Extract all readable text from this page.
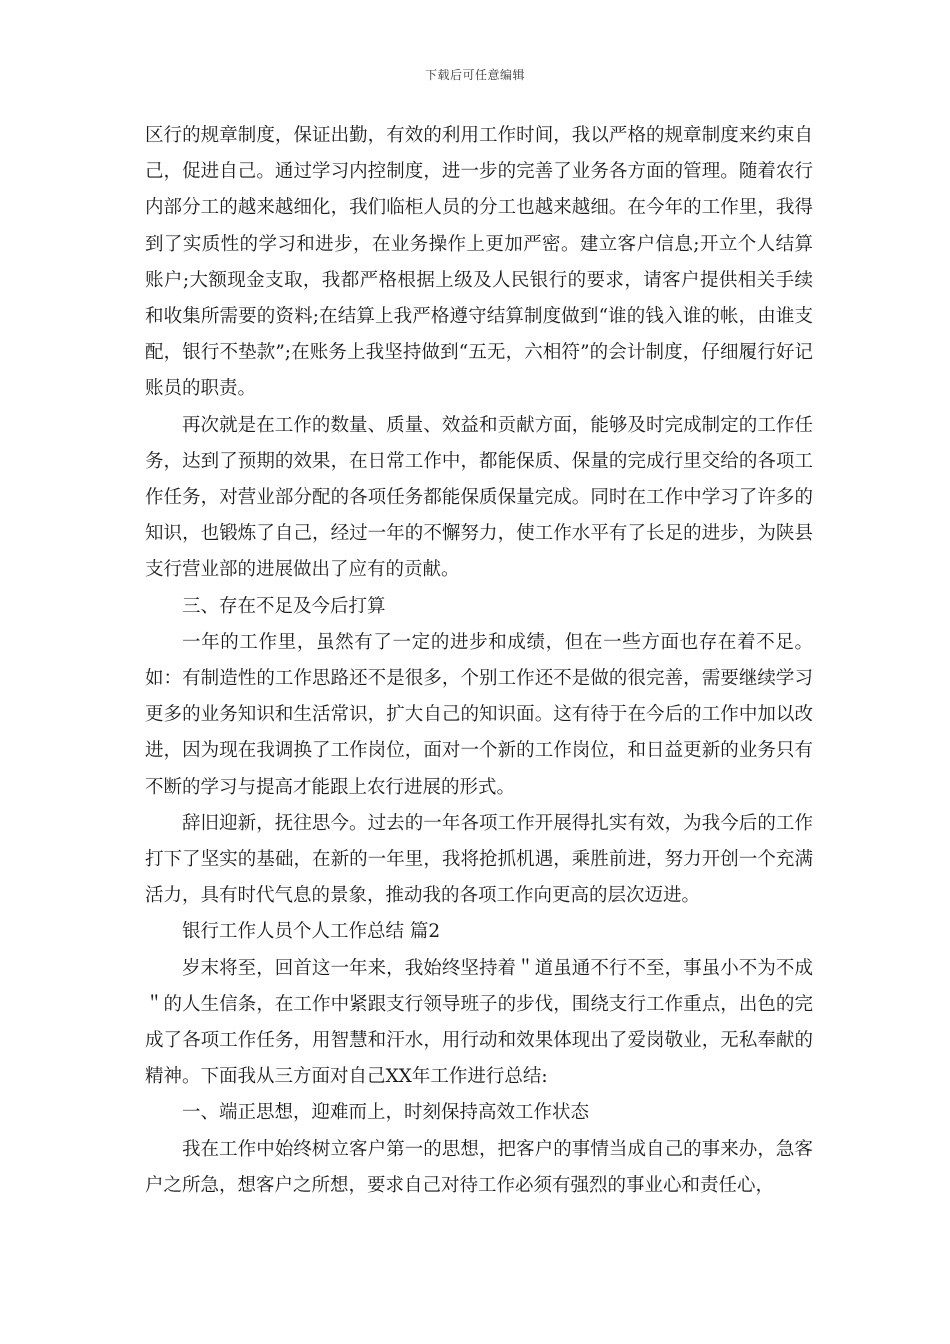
下载后可任意编辑

区行的规章制度，保证出勤，有效的利用工作时间，我以严格的规章制度来约束自己，促进自己。通过学习内控制度，进一步的完善了业务各方面的管理。随着农行内部分工的越来越细化，我们临柜人员的分工也越来越细。在今年的工作里，我得到了实质性的学习和进步，在业务操作上更加严密。建立客户信息;开立个人结算账户;大额现金支取，我都严格根据上级及人民银行的要求，请客户提供相关手续和收集所需要的资料;在结算上我严格遵守结算制度做到“谁的钱入谁的帐，由谁支配，银行不垫款”;在账务上我坚持做到“五无，六相符”的会计制度，仔细履行好记账员的职责。

再次就是在工作的数量、质量、效益和贡献方面，能够及时完成制定的工作任务，达到了预期的效果，在日常工作中，都能保质、保量的完成行里交给的各项工作任务，对营业部分配的各项任务都能保质保量完成。同时在工作中学习了许多的知识，也锻炼了自己，经过一年的不懈努力，使工作水平有了长足的进步，为陕县支行营业部的进展做出了应有的贡献。

三、存在不足及今后打算

一年的工作里，虽然有了一定的进步和成绩，但在一些方面也存在着不足。如：有制造性的工作思路还不是很多，个别工作还不是做的很完善，需要继续学习更多的业务知识和生活常识，扩大自己的知识面。这有待于在今后的工作中加以改进，因为现在我调换了工作岗位，面对一个新的工作岗位，和日益更新的业务只有不断的学习与提高才能跟上农行进展的形式。

辞旧迎新，抚往思今。过去的一年各项工作开展得扎实有效，为我今后的工作打下了坚实的基础，在新的一年里，我将抢抓机遇，乘胜前进，努力开创一个充满活力，具有时代气息的景象，推动我的各项工作向更高的层次迈进。

银行工作人员个人工作总结 篇2

岁末将至，回首这一年来，我始终坚持着＂道虽通不行不至，事虽小不为不成＂的人生信条，在工作中紧跟支行领导班子的步伐，围绕支行工作重点，出色的完成了各项工作任务，用智慧和汗水，用行动和效果体现出了爱岗敬业，无私奉献的精神。下面我从三方面对自己XX年工作进行总结:

一、端正思想，迎难而上，时刻保持高效工作状态

我在工作中始终树立客户第一的思想，把客户的事情当成自己的事来办，急客户之所急，想客户之所想，要求自己对待工作必须有强烈的事业心和责任心，
